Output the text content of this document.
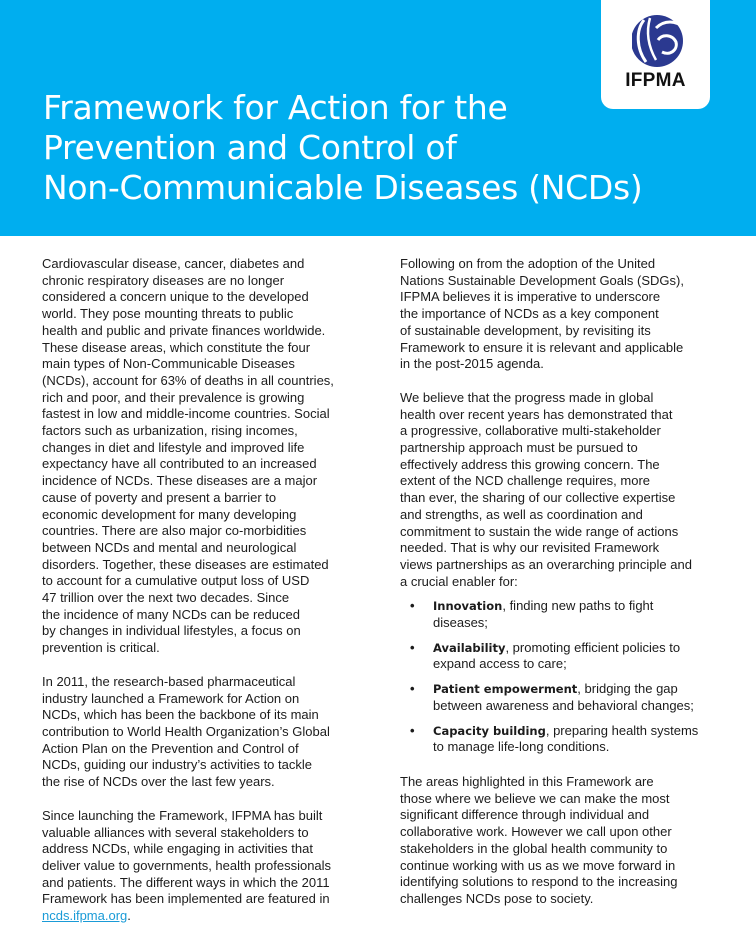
Framework for Action for the
Prevention and Control of
Non-Communicable Diseases (NCDs)
IFPMA

Cardiovascular disease, cancer, diabetes and
chronic respiratory diseases are no longer
considered a concern unique to the developed
world. They pose mounting threats to public
health and public and private finances worldwide.
These disease areas, which constitute the four
main types of Non-Communicable Diseases
(NCDs), account for 63% of deaths in all countries,
rich and poor, and their prevalence is growing
fastest in low and middle-income countries. Social
factors such as urbanization, rising incomes,
changes in diet and lifestyle and improved life
expectancy have all contributed to an increased
incidence of NCDs. These diseases are a major
cause of poverty and present a barrier to
economic development for many developing
countries. There are also major co-morbidities
between NCDs and mental and neurological
disorders. Together, these diseases are estimated
to account for a cumulative output loss of USD
47 trillion over the next two decades. Since
the incidence of many NCDs can be reduced
by changes in individual lifestyles, a focus on
prevention is critical.

In 2011, the research-based pharmaceutical
industry launched a Framework for Action on
NCDs, which has been the backbone of its main
contribution to World Health Organization’s Global
Action Plan on the Prevention and Control of
NCDs, guiding our industry’s activities to tackle
the rise of NCDs over the last few years.

Since launching the Framework, IFPMA has built
valuable alliances with several stakeholders to
address NCDs, while engaging in activities that
deliver value to governments, health professionals
and patients. The different ways in which the 2011
Framework has been implemented are featured in
ncds.ifpma.org.

Following on from the adoption of the United
Nations Sustainable Development Goals (SDGs),
IFPMA believes it is imperative to underscore
the importance of NCDs as a key component
of sustainable development, by revisiting its
Framework to ensure it is relevant and applicable
in the post-2015 agenda.

We believe that the progress made in global
health over recent years has demonstrated that
a progressive, collaborative multi-stakeholder
partnership approach must be pursued to
effectively address this growing concern. The
extent of the NCD challenge requires, more
than ever, the sharing of our collective expertise
and strengths, as well as coordination and
commitment to sustain the wide range of actions
needed. That is why our revisited Framework
views partnerships as an overarching principle and
a crucial enabler for:

• Innovation, finding new paths to fight
diseases;
• Availability, promoting efficient policies to
expand access to care;
• Patient empowerment, bridging the gap
between awareness and behavioral changes;
• Capacity building, preparing health systems
to manage life-long conditions.

The areas highlighted in this Framework are
those where we believe we can make the most
significant difference through individual and
collaborative work. However we call upon other
stakeholders in the global health community to
continue working with us as we move forward in
identifying solutions to respond to the increasing
challenges NCDs pose to society.
